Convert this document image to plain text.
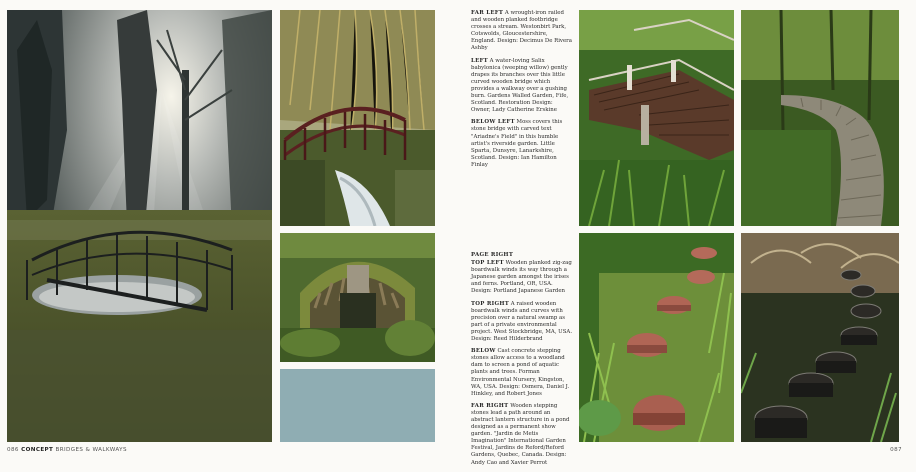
086 CONCEPT BRIDGES & WALKWAYS

FAR LEFT A wrought-iron railed and wooden planked footbridge crosses a stream. Westonbirt Park, Cotswolds, Gloucestershire, England. Design: Decimus De Rivera Ashby

LEFT A water-loving Salix babylonica (weeping willow) gently drapes its branches over this little curved wooden bridge which provides a walkway over a gushing burn. Gardens Walled Garden, Fife, Scotland. Restoration Design: Owner, Lady Catherine Erskine

BELOW LEFT Moss covers this stone bridge with carved text "Ariadne's Field" in this humble artist's riverside garden. Little Sparta, Dunsyre, Lanarkshire, Scotland. Design: Ian Hamilton Finlay

PAGE RIGHT

TOP LEFT Wooden planked zig-zag boardwalk winds its way through a Japanese garden amongst the irises and ferns. Portland, OR, USA. Design: Portland Japanese Garden

TOP RIGHT A raised wooden boardwalk winds and curves with precision over a natural swamp as part of a private environmental project. West Stockbridge, MA, USA. Design: Reed Hilderbrand

BELOW Cast concrete stepping stones allow access to a woodland dam to screen a pond of aquatic plants and trees. Forman Environmental Nursery, Kingston, WA, USA. Design: Osmera, Daniel J. Hinkley, and Robert Jones

FAR RIGHT Wooden stepping stones lead a path around an abstract lantern structure in a pond designed as a permanent show garden. "Jardin de Metis Imagination" International Garden Festival, Jardins de Reford/Reford Gardens, Quebec, Canada. Design: Andy Cao and Xavier Perrot

087
